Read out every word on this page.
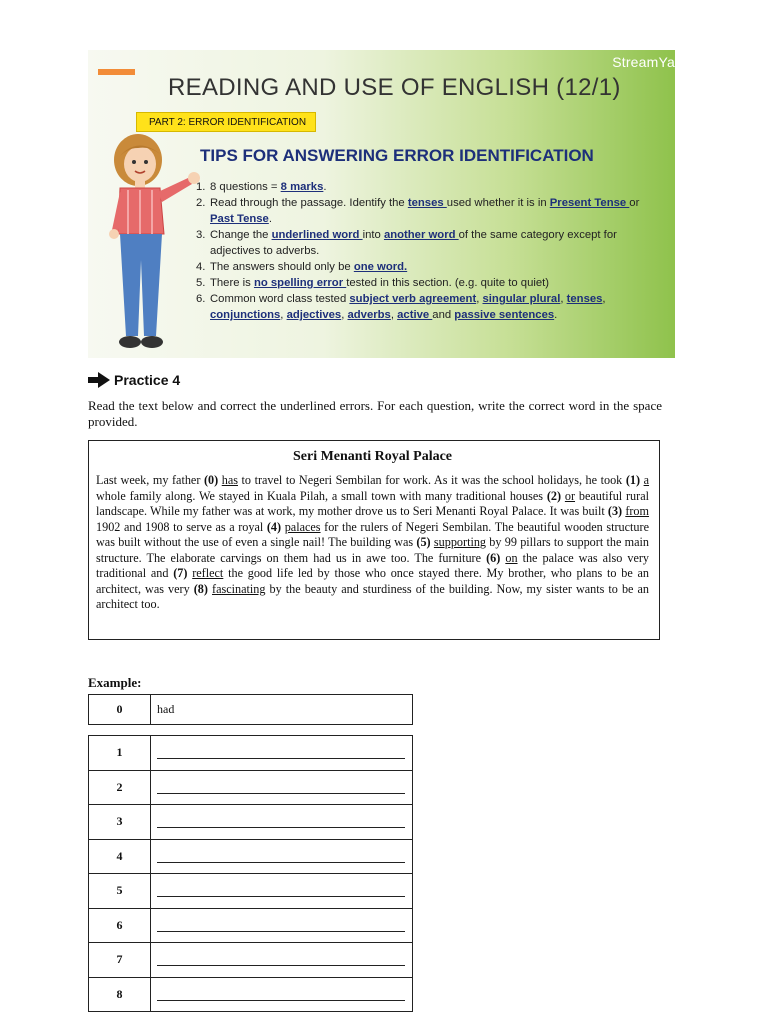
StreamYa
READING AND USE OF ENGLISH (12/1)
PART 2: ERROR IDENTIFICATION
TIPS FOR ANSWERING ERROR IDENTIFICATION
1. 8 questions = 8 marks.
2. Read through the passage. Identify the tenses used whether it is in Present Tense or Past Tense.
3. Change the underlined word into another word of the same category except for adjectives to adverbs.
4. The answers should only be one word.
5. There is no spelling error tested in this section. (e.g. quite to quiet)
6. Common word class tested subject verb agreement, singular plural, tenses, conjunctions, adjectives, adverbs, active and passive sentences.
Practice 4
Read the text below and correct the underlined errors. For each question, write the correct word in the space provided.
Seri Menanti Royal Palace

Last week, my father (0) has to travel to Negeri Sembilan for work. As it was the school holidays, he took (1) a whole family along. We stayed in Kuala Pilah, a small town with many traditional houses (2) or beautiful rural landscape. While my father was at work, my mother drove us to Seri Menanti Royal Palace. It was built (3) from 1902 and 1908 to serve as a royal (4) palaces for the rulers of Negeri Sembilan. The beautiful wooden structure was built without the use of even a single nail! The building was (5) supporting by 99 pillars to support the main structure. The elaborate carvings on them had us in awe too. The furniture (6) on the palace was also very traditional and (7) reflect the good life led by those who once stayed there. My brother, who plans to be an architect, was very (8) fascinating by the beauty and sturdiness of the building. Now, my sister wants to be an architect too.

Example:
0	had
1	

2	

3	

4	

5	

6	

7	

8	
